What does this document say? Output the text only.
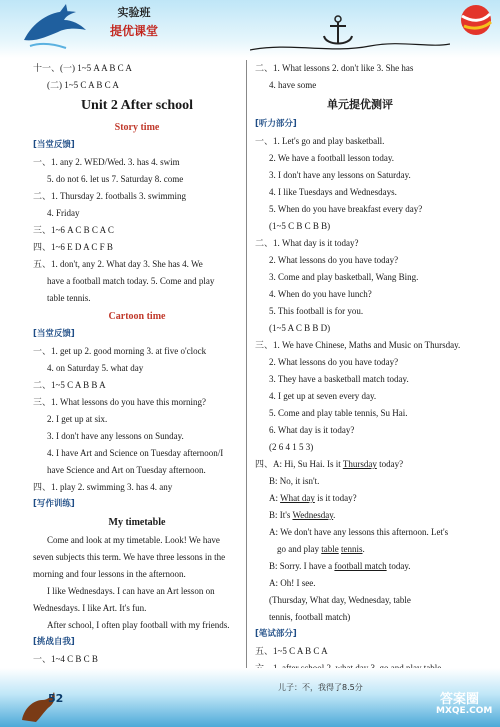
实验班
提优课堂
十一、(一) 1~5 A A B C A
(二) 1~5 C A B C A
Unit 2 After school
Story time
[当堂反馈]
一、1. any 2. WED/Wed. 3. has 4. swim
5. do not 6. let us 7. Saturday 8. come
二、1. Thursday 2. footballs 3. swimming
4. Friday
三、1~6 A C B C A C
四、1~6 E D A C F B
五、1. don't, any 2. What day 3. She has 4. We
have a football match today. 5. Come and play
table tennis.
Cartoon time
[当堂反馈]
一、1. get up 2. good morning 3. at five o'clock
4. on Saturday 5. what day
二、1~5 C A B B A
三、1. What lessons do you have this morning?
2. I get up at six.
3. I don't have any lessons on Sunday.
4. I have Art and Science on Tuesday afternoon/I
have Science and Art on Tuesday afternoon.
四、1. play 2. swimming 3. has 4. any
[写作训练]
My timetable
Come and look at my timetable. Look! We have seven subjects this term. We have three lessons in the morning and four lessons in the afternoon.
I like Wednesdays. I can have an Art lesson on Wednesdays. I like Art. It's fun.
After school, I often play football with my friends.
[挑战自我]
一、1~4 C B C B
二、1. What lessons 2. don't like 3. She has
4. have some
单元提优测评
[听力部分]
一、1. Let's go and play basketball.
2. We have a football lesson today.
3. I don't have any lessons on Saturday.
4. I like Tuesdays and Wednesdays.
5. When do you have breakfast every day?
(1~5 C B C B B)
二、1. What day is it today?
2. What lessons do you have today?
3. Come and play basketball, Wang Bing.
4. When do you have lunch?
5. This football is for you.
(1~5 A C B B D)
三、1. We have Chinese, Maths and Music on Thursday.
2. What lessons do you have today?
3. They have a basketball match today.
4. I get up at seven every day.
5. Come and play table tennis, Su Hai.
6. What day is it today?
(2 6 4 1 5 3)
四、A: Hi, Su Hai. Is it Thursday today?
B: No, it isn't.
A: What day is it today?
B: It's Wednesday.
A: We don't have any lessons this afternoon. Let's
go and play table tennis.
B: Sorry. I have a football match today.
A: Oh! I see.
(Thursday, What day, Wednesday, table
tennis, football match)
[笔试部分]
五、1~5 C A B C A
52
儿子：不，我得了8.5分
答案圈
MXQE.COM
